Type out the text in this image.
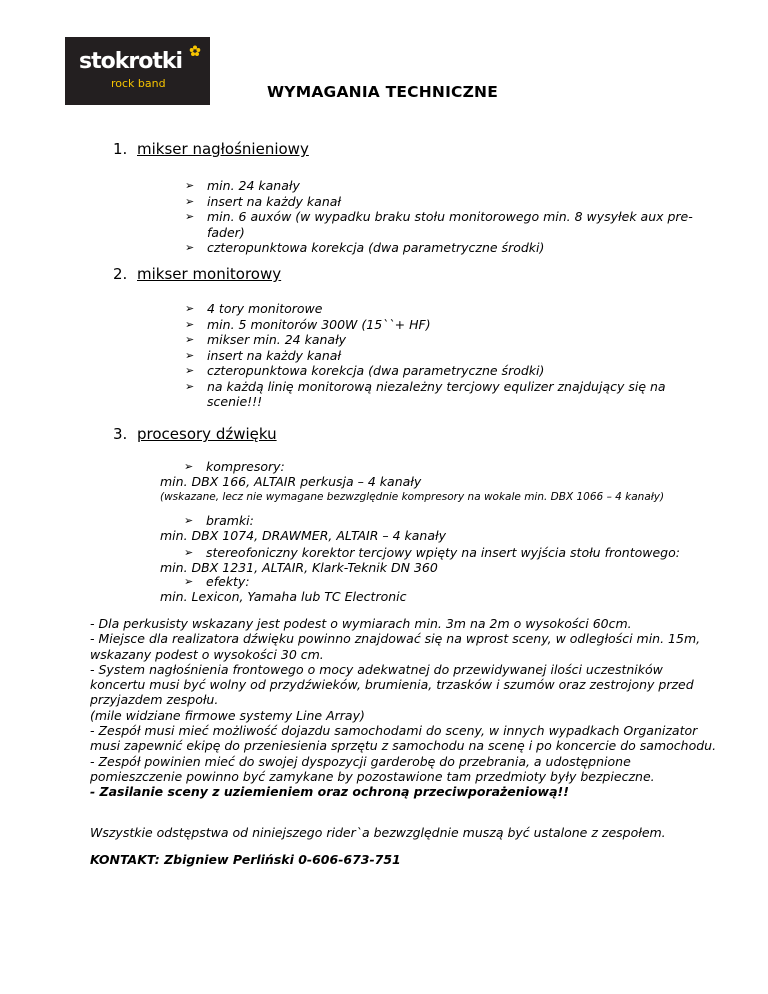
stokrotki
rock band	WYMAGANIA TECHNICZNE
1. mikser nagłośnieniowy
➢ min. 24 kanały
➢ insert na każdy kanał
➢ min. 6 auxów (w wypadku braku stołu monitorowego min. 8 wysyłek aux pre-fader)
➢ czteropunktowa korekcja (dwa parametryczne środki)
2. mikser monitorowy
➢ 4 tory monitorowe
➢ min. 5 monitorów 300W (15``+ HF)
➢ mikser min. 24 kanały
➢ insert na każdy kanał
➢ czteropunktowa korekcja (dwa parametryczne środki)
➢ na każdą linię monitorową niezależny tercjowy equlizer znajdujący się na scenie!!!
3. procesory dźwięku
➢ kompresory:
min. DBX 166, ALTAIR perkusja – 4 kanały
(wskazane, lecz nie wymagane bezwzględnie kompresory na wokale min. DBX 1066 – 4 kanały)
➢ bramki:
min. DBX 1074, DRAWMER, ALTAIR – 4 kanały
➢ stereofoniczny korektor tercjowy wpięty na insert wyjścia stołu frontowego:
min. DBX 1231, ALTAIR, Klark-Teknik DN 360
➢ efekty:
min. Lexicon, Yamaha lub TC Electronic
- Dla perkusisty wskazany jest podest o wymiarach min. 3m na 2m o wysokości 60cm.
- Miejsce dla realizatora dźwięku powinno znajdować się na wprost sceny, w odległości min. 15m, wskazany podest o wysokości 30 cm.
- System nagłośnienia frontowego o mocy adekwatnej do przewidywanej ilości uczestników koncertu musi być wolny od przydźwieków, brumienia, trzasków i szumów oraz zestrojony przed przyjazdem zespołu.
(mile widziane firmowe systemy Line Array)
- Zespół musi mieć możliwość dojazdu samochodami do sceny, w innych wypadkach Organizator musi zapewnić ekipę do przeniesienia sprzętu z samochodu na scenę i po koncercie do samochodu.
- Zespół powinien mieć do swojej dyspozycji garderobę do przebrania, a udostępnione pomieszczenie powinno być zamykane by pozostawione tam przedmioty były bezpieczne.
- Zasilanie sceny z uziemieniem oraz ochroną przeciwporażeniową!!
Wszystkie odstępstwa od niniejszego rider`a bezwzględnie muszą być ustalone z zespołem.
KONTAKT: Zbigniew Perliński 0-606-673-751
